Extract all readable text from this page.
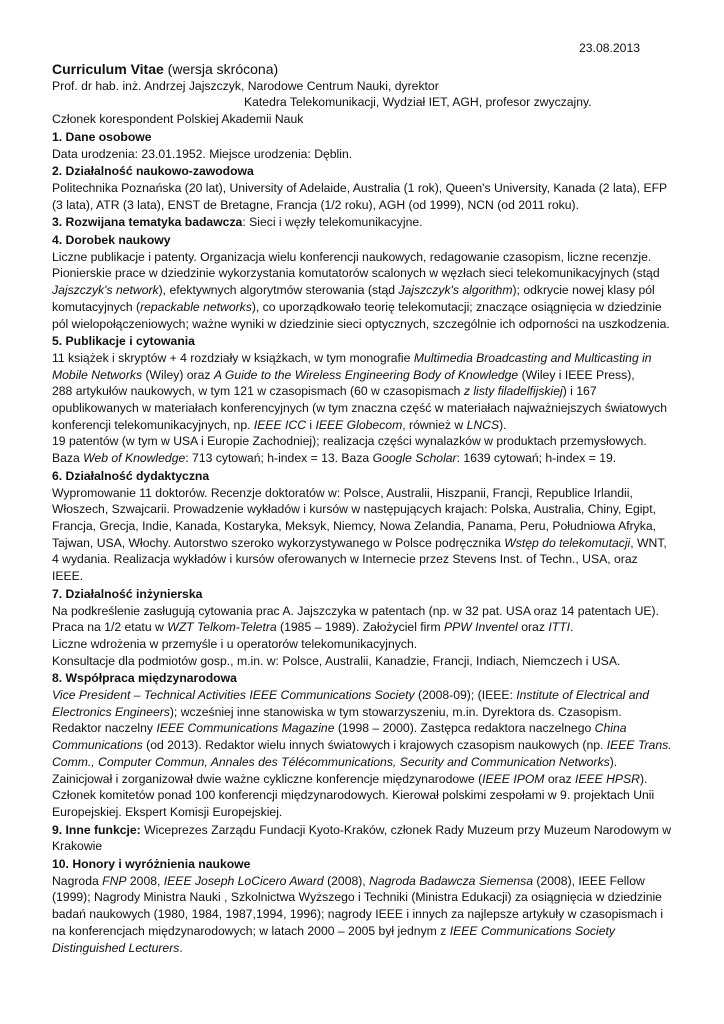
23.08.2013
Curriculum Vitae (wersja skrócona)

Prof. dr hab. inż. Andrzej Jajszczyk, Narodowe Centrum Nauki, dyrektor

Katedra Telekomunikacji, Wydział IET, AGH, profesor zwyczajny.

Członek korespondent Polskiej Akademii Nauk

1. Dane osobowe

Data urodzenia: 23.01.1952. Miejsce urodzenia: Dęblin.

2. Działalność naukowo-zawodowa

Politechnika Poznańska (20 lat), University of Adelaide, Australia (1 rok), Queen's University, Kanada (2 lata), EFP (3 lata), ATR (3 lata), ENST de Bretagne, Francja (1/2 roku), AGH (od 1999), NCN (od 2011 roku).

3. Rozwijana tematyka badawcza: Sieci i węzły telekomunikacyjne.

4. Dorobek naukowy

Liczne publikacje i patenty. Organizacja wielu konferencji naukowych, redagowanie czasopism, liczne recenzje. Pionierskie prace w dziedzinie wykorzystania komutatorów scalonych w węzłach sieci telekomunikacyjnych (stąd Jajszczyk's network), efektywnych algorytmów sterowania (stąd Jajszczyk's algorithm); odkrycie nowej klasy pól komutacyjnych (repackable networks), co uporządkowało teorię telekomutacji; znaczące osiągnięcia w dziedzinie pól wielopołączeniowych; ważne wyniki w dziedzinie sieci optycznych, szczególnie ich odporności na uszkodzenia.

5. Publikacje i cytowania

11 książek i skryptów + 4 rozdziały w książkach, w tym monografie Multimedia Broadcasting and Multicasting in Mobile Networks (Wiley) oraz A Guide to the Wireless Engineering Body of Knowledge (Wiley i IEEE Press),

288 artykułów naukowych, w tym 121 w czasopismach (60 w czasopismach z listy filadelfijskiej) i 167 opublikowanych w materiałach konferencyjnych (w tym znaczna część w materiałach najważniejszych światowych konferencji telekomunikacyjnych, np. IEEE ICC i IEEE Globecom, również w LNCS).

19 patentów (w tym w USA i Europie Zachodniej); realizacja części wynalazków w produktach przemysłowych.

Baza Web of Knowledge: 713 cytowań; h-index = 13. Baza Google Scholar: 1639 cytowań; h-index = 19.

6. Działalność dydaktyczna

Wypromowanie 11 doktorów. Recenzje doktoratów w: Polsce, Australii, Hiszpanii, Francji, Republice Irlandii, Włoszech, Szwajcarii. Prowadzenie wykładów i kursów w następujących krajach: Polska, Australia, Chiny, Egipt, Francja, Grecja, Indie, Kanada, Kostaryka, Meksyk, Niemcy, Nowa Zelandia, Panama, Peru, Południowa Afryka, Tajwan, USA, Włochy. Autorstwo szeroko wykorzystywanego w Polsce podręcznika Wstęp do telekomutacji, WNT, 4 wydania. Realizacja wykładów i kursów oferowanych w Internecie przez Stevens Inst. of Techn., USA, oraz IEEE.

7. Działalność inżynierska

Na podkreślenie zasługują cytowania prac A. Jajszczyka w patentach (np. w 32 pat. USA oraz 14 patentach UE).

Praca na 1/2 etatu w WZT Telkom-Teletra (1985 – 1989). Założyciel firm PPW Inventel oraz ITTI.

Liczne wdrożenia w przemyśle i u operatorów telekomunikacyjnych.

Konsultacje dla podmiotów gosp., m.in. w: Polsce, Australii, Kanadzie, Francji, Indiach, Niemczech i USA.

8. Współpraca międzynarodowa

Vice President – Technical Activities IEEE Communications Society (2008-09); (IEEE: Institute of Electrical and Electronics Engineers); wcześniej inne stanowiska w tym stowarzyszeniu, m.in. Dyrektora ds. Czasopism.

Redaktor naczelny IEEE Communications Magazine (1998 – 2000). Zastępca redaktora naczelnego China Communications (od 2013). Redaktor wielu innych światowych i krajowych czasopism naukowych (np. IEEE Trans. Comm., Computer Commun, Annales des Télécommunications, Security and Communication Networks).

Zainicjował i zorganizował dwie ważne cykliczne konferencje międzynarodowe (IEEE IPOM oraz IEEE HPSR).

Członek komitetów ponad 100 konferencji międzynarodowych. Kierował polskimi zespołami w 9. projektach Unii Europejskiej. Ekspert Komisji Europejskiej.

9. Inne funkcje: Wiceprezes Zarządu Fundacji Kyoto-Kraków, członek Rady Muzeum przy Muzeum Narodowym w Krakowie

10. Honory i wyróżnienia naukowe

Nagroda FNP 2008, IEEE Joseph LoCicero Award (2008), Nagroda Badawcza Siemensa (2008), IEEE Fellow (1999); Nagrody Ministra Nauki , Szkolnictwa Wyższego i Techniki (Ministra Edukacji) za osiągnięcia w dziedzinie badań naukowych (1980, 1984, 1987,1994, 1996); nagrody IEEE i innych za najlepsze artykuły w czasopismach i na konferencjach międzynarodowych; w latach 2000 – 2005 był jednym z IEEE Communications Society Distinguished Lecturers.
